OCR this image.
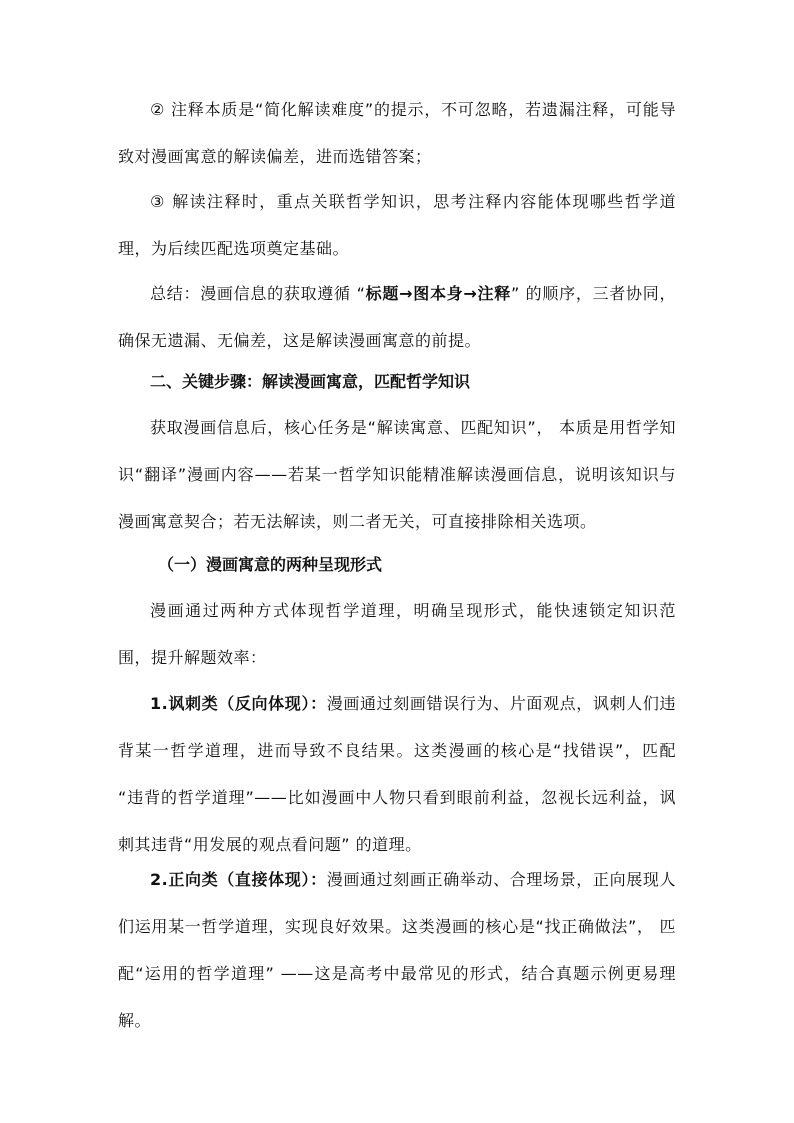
② 注释本质是“简化解读难度”的提示，不可忽略，若遗漏注释，可能导致对漫画寓意的解读偏差，进而选错答案；

③ 解读注释时，重点关联哲学知识，思考注释内容能体现哪些哲学道理，为后续匹配选项奠定基础。

总结：漫画信息的获取遵循 “标题→图本身→注释” 的顺序，三者协同，确保无遗漏、无偏差，这是解读漫画寓意的前提。

二、关键步骤：解读漫画寓意，匹配哲学知识

获取漫画信息后，核心任务是“解读寓意、匹配知识”， 本质是用哲学知识“翻译”漫画内容——若某一哲学知识能精准解读漫画信息，说明该知识与漫画寓意契合；若无法解读，则二者无关，可直接排除相关选项。

（一）漫画寓意的两种呈现形式

漫画通过两种方式体现哲学道理，明确呈现形式，能快速锁定知识范围，提升解题效率：

1.讽刺类（反向体现）：漫画通过刻画错误行为、片面观点，讽刺人们违背某一哲学道理，进而导致不良结果。这类漫画的核心是“找错误”，匹配 “违背的哲学道理”——比如漫画中人物只看到眼前利益，忽视长远利益，讽刺其违背“用发展的观点看问题” 的道理。

2.正向类（直接体现）：漫画通过刻画正确举动、合理场景，正向展现人们运用某一哲学道理，实现良好效果。这类漫画的核心是“找正确做法”， 匹配“运用的哲学道理” ——这是高考中最常见的形式，结合真题示例更易理解。
